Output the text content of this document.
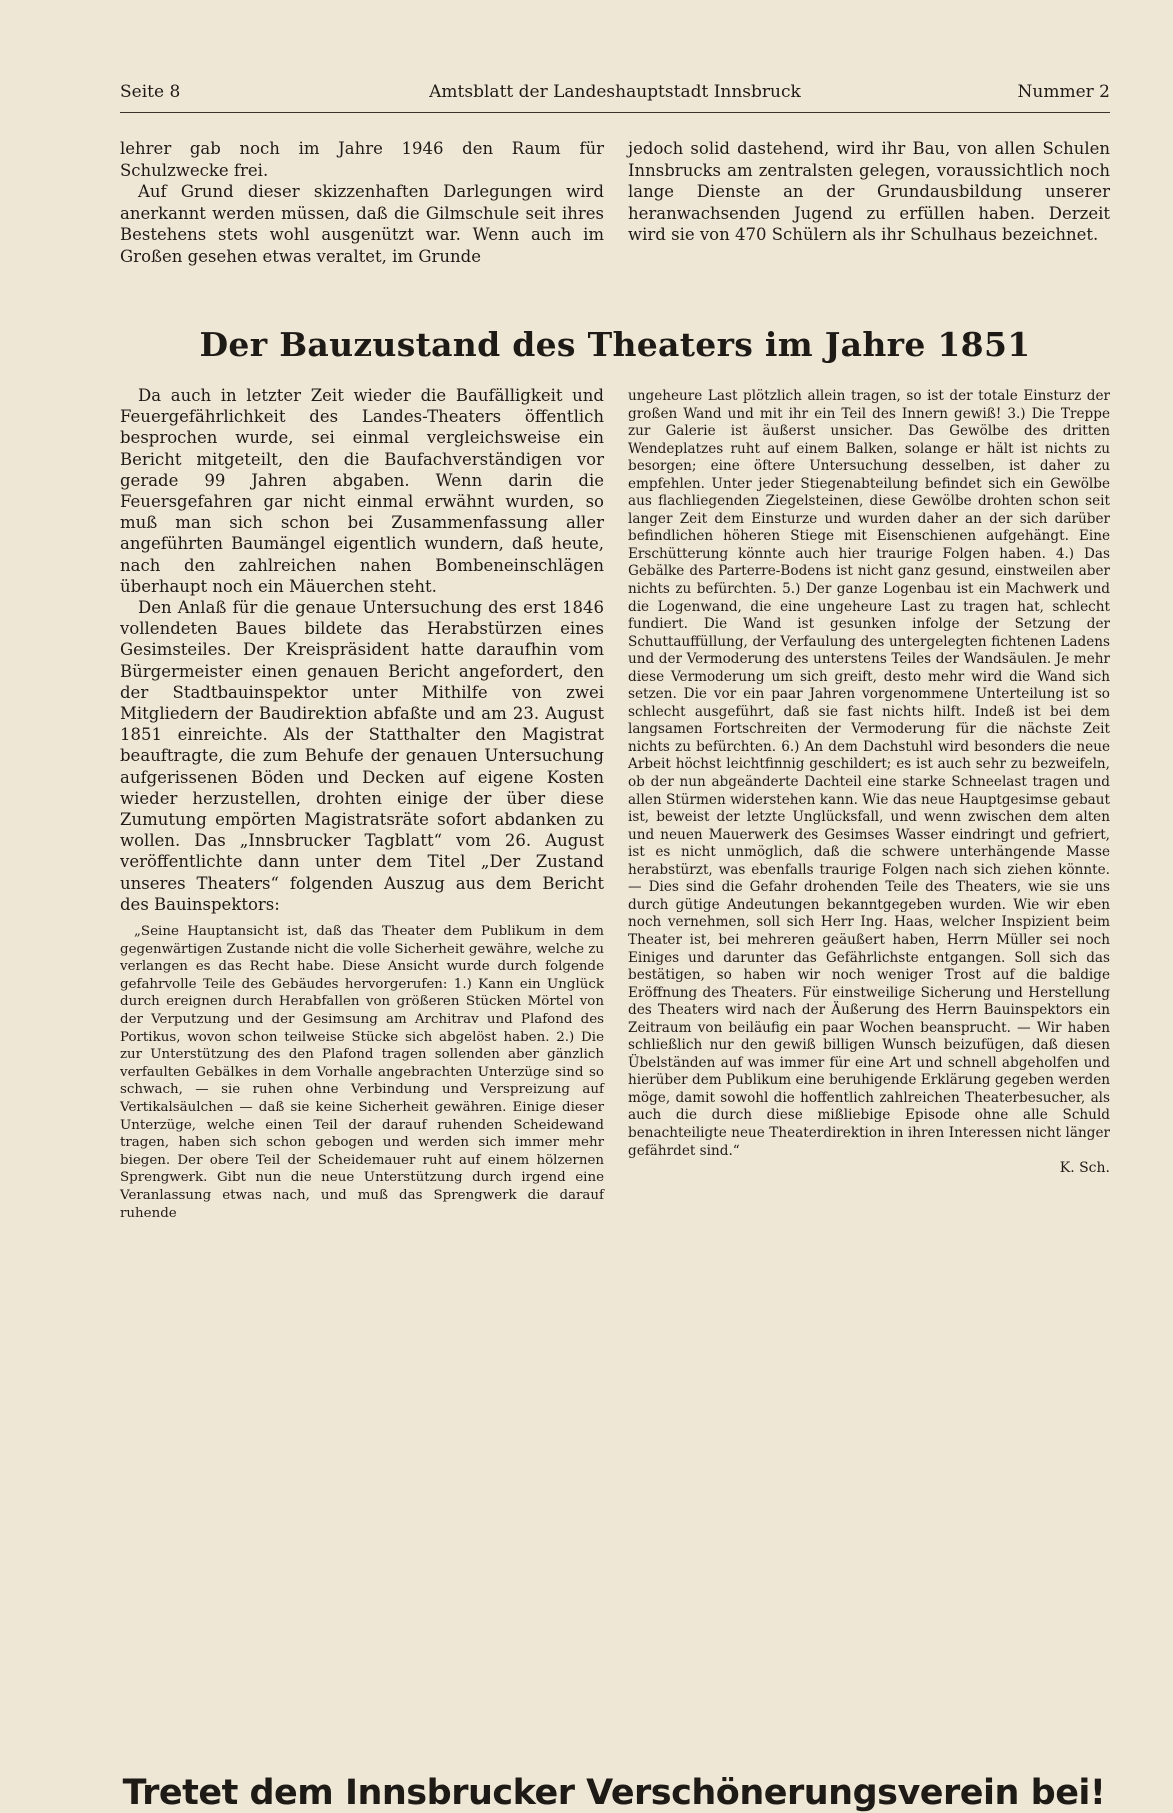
Seite 8	Amtsblatt der Landeshauptstadt Innsbruck	Nummer 2

lehrer gab noch im Jahre 1946 den Raum für Schulzwecke frei.

Auf Grund dieser skizzenhaften Darlegungen wird anerkannt werden müssen, daß die Gilmschule seit ihres Bestehens stets wohl ausgenützt war. Wenn auch im Großen gesehen etwas veraltet, im Grunde

jedoch solid dastehend, wird ihr Bau, von allen Schulen Innsbrucks am zentralsten gelegen, voraussichtlich noch lange Dienste an der Grundausbildung unserer heranwachsenden Jugend zu erfüllen haben. Derzeit wird sie von 470 Schülern als ihr Schulhaus bezeichnet.

Der Bauzustand des Theaters im Jahre 1851

Da auch in letzter Zeit wieder die Baufälligkeit und Feuergefährlichkeit des Landes-Theaters öffentlich besprochen wurde, sei einmal vergleichsweise ein Bericht mitgeteilt, den die Baufachverständigen vor gerade 99 Jahren abgaben. Wenn darin die Feuersgefahren gar nicht einmal erwähnt wurden, so muß man sich schon bei Zusammenfassung aller angeführten Baumängel eigentlich wundern, daß heute, nach den zahlreichen nahen Bombeneinschlägen überhaupt noch ein Mäuerchen steht.

Den Anlaß für die genaue Untersuchung des erst 1846 vollendeten Baues bildete das Herabstürzen eines Gesimsteiles. Der Kreispräsident hatte daraufhin vom Bürgermeister einen genauen Bericht angefordert, den der Stadtbauinspektor unter Mithilfe von zwei Mitgliedern der Baudirektion abfaßte und am 23. August 1851 einreichte. Als der Statthalter den Magistrat beauftragte, die zum Behufe der genauen Untersuchung aufgerissenen Böden und Decken auf eigene Kosten wieder herzustellen, drohten einige der über diese Zumutung empörten Magistratsräte sofort abdanken zu wollen. Das „Innsbrucker Tagblatt“ vom 26. August veröffentlichte dann unter dem Titel „Der Zustand unseres Theaters“ folgenden Auszug aus dem Bericht des Bauinspektors:

„Seine Hauptansicht ist, daß das Theater dem Publikum in dem gegenwärtigen Zustande nicht die volle Sicherheit gewähre, welche zu verlangen es das Recht habe. Diese Ansicht wurde durch folgende gefahrvolle Teile des Gebäudes hervorgerufen: 1.) Kann ein Unglück durch ereignen durch Herabfallen von größeren Stücken Mörtel von der Verputzung und der Gesimsung am Architrav und Plafond des Portikus, wovon schon teilweise Stücke sich abgelöst haben. 2.) Die zur Unterstützung des den Plafond tragen sollenden aber gänzlich verfaulten Gebälkes in dem Vorhalle angebrachten Unterzüge sind so schwach, — sie ruhen ohne Verbindung und Verspreizung auf Vertikalsäulchen — daß sie keine Sicherheit gewähren. Einige dieser Unterzüge, welche einen Teil der darauf ruhenden Scheidewand tragen, haben sich schon gebogen und werden sich immer mehr biegen. Der obere Teil der Scheidemauer ruht auf einem hölzernen Sprengwerk. Gibt nun die neue Unterstützung durch irgend eine Veranlassung etwas nach, und muß das Sprengwerk die darauf ruhende

ungeheure Last plötzlich allein tragen, so ist der totale Einsturz der großen Wand und mit ihr ein Teil des Innern gewiß! 3.) Die Treppe zur Galerie ist äußerst unsicher. Das Gewölbe des dritten Wendeplatzes ruht auf einem Balken, solange er hält ist nichts zu besorgen; eine öftere Untersuchung desselben, ist daher zu empfehlen. Unter jeder Stiegenabteilung befindet sich ein Gewölbe aus flachliegenden Ziegelsteinen, diese Gewölbe drohten schon seit langer Zeit dem Einsturze und wurden daher an der sich darüber befindlichen höheren Stiege mit Eisenschienen aufgehängt. Eine Erschütterung könnte auch hier traurige Folgen haben. 4.) Das Gebälke des Parterre-Bodens ist nicht ganz gesund, einstweilen aber nichts zu befürchten. 5.) Der ganze Logenbau ist ein Machwerk und die Logenwand, die eine ungeheure Last zu tragen hat, schlecht fundiert. Die Wand ist gesunken infolge der Setzung der Schuttauffüllung, der Verfaulung des untergelegten fichtenen Ladens und der Vermoderung des unterstens Teiles der Wandsäulen. Je mehr diese Vermoderung um sich greift, desto mehr wird die Wand sich setzen. Die vor ein paar Jahren vorgenommene Unterteilung ist so schlecht ausgeführt, daß sie fast nichts hilft. Indeß ist bei dem langsamen Fortschreiten der Vermoderung für die nächste Zeit nichts zu befürchten. 6.) An dem Dachstuhl wird besonders die neue Arbeit höchst leichtfinnig geschildert; es ist auch sehr zu bezweifeln, ob der nun abgeänderte Dachteil eine starke Schneelast tragen und allen Stürmen widerstehen kann. Wie das neue Hauptgesimse gebaut ist, beweist der letzte Unglücksfall, und wenn zwischen dem alten und neuen Mauerwerk des Gesimses Wasser eindringt und gefriert, ist es nicht unmöglich, daß die schwere unterhängende Masse herabstürzt, was ebenfalls traurige Folgen nach sich ziehen könnte. — Dies sind die Gefahr drohenden Teile des Theaters, wie sie uns durch gütige Andeutungen bekanntgegeben wurden. Wie wir eben noch vernehmen, soll sich Herr Ing. Haas, welcher Inspizient beim Theater ist, bei mehreren geäußert haben, Herrn Müller sei noch Einiges und darunter das Gefährlichste entgangen. Soll sich das bestätigen, so haben wir noch weniger Trost auf die baldige Eröffnung des Theaters. Für einstweilige Sicherung und Herstellung des Theaters wird nach der Äußerung des Herrn Bauinspektors ein Zeitraum von beiläufig ein paar Wochen beansprucht. — Wir haben schließlich nur den gewiß billigen Wunsch beizufügen, daß diesen Übelständen auf was immer für eine Art und schnell abgeholfen und hierüber dem Publikum eine beruhigende Erklärung gegeben werden möge, damit sowohl die hoffentlich zahlreichen Theaterbesucher, als auch die durch diese mißliebige Episode ohne alle Schuld benachteiligte neue Theaterdirektion in ihren Interessen nicht länger gefährdet sind.“

K. Sch.

Tretet dem Innsbrucker Verschönerungsverein bei!
